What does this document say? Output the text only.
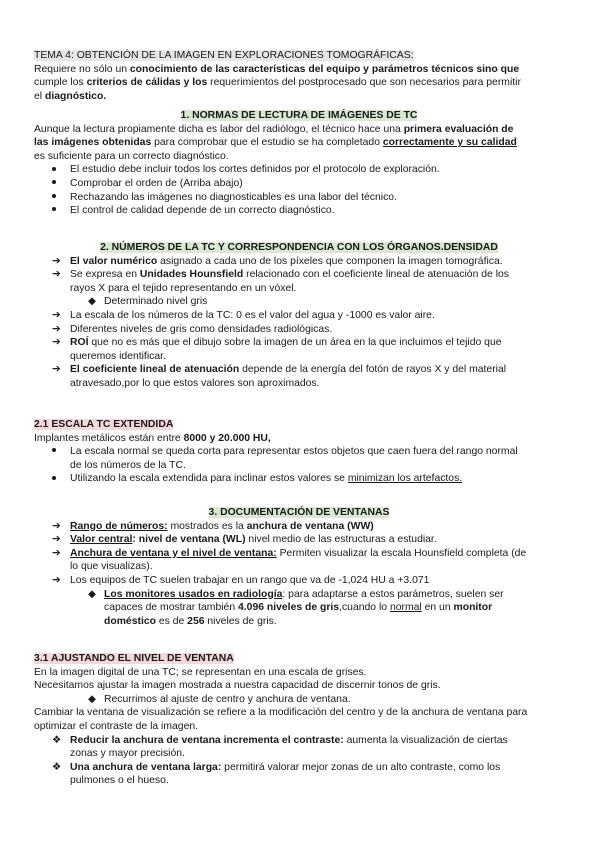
TEMA 4: OBTENCIÓN DE LA IMAGEN EN EXPLORACIONES TOMOGRÁFICAS:

Requiere no sólo un conocimiento de las características del equipo y parámetros técnicos sino que
cumple los criterios de cálidas y los requerimientos del postprocesado que son necesarios para permitir
el diagnóstico.

1. NORMAS DE LECTURA DE IMÁGENES DE TC

Aunque la lectura propiamente dicha es labor del radiólogo, el técnico hace una primera evaluación de
las imágenes obtenidas para comprobar que el estudio se ha completado correctamente y su calidad
es suficiente para un correcto diagnóstico.

El estudio debe incluir todos los cortes definidos por el protocolo de exploración.
Comprobar el orden de (Arriba abajo)
Rechazando las imágenes no diagnosticables es una labor del técnico.
El control de calidad depende de un correcto diagnóstico.

2. NÚMEROS DE LA TC Y CORRESPONDENCIA CON LOS ÓRGANOS.DENSIDAD

➔ El valor numérico asignado a cada uno de los píxeles que componen la imagen tomográfica.
➔ Se expresa en Unidades Hounsfield relacionado con el coeficiente lineal de atenuación de los
rayos X para el tejido representando en un vóxel.
◆ Determinado nivel gris
➔ La escala de los números de la TC: 0 es el valor del agua y -1000 es valor aire.
➔ Diferentes niveles de gris como densidades radiológicas.
➔ ROÍ que no es más que el dibujo sobre la imagen de un área en la que incluimos el tejido que
queremos identificar.
➔ El coeficiente lineal de atenuación depende de la energía del fotón de rayos X y del material
atravesado,por lo que estos valores son aproximados.

2.1 ESCALA TC EXTENDIDA

Implantes metálicos están entre 8000 y 20.000 HU,

La escala normal se queda corta para representar estos objetos que caen fuera del rango normal
de los números de la TC.
Utilizando la escala extendida para inclinar estos valores se minimizan los artefactos.

3. DOCUMENTACIÓN DE VENTANAS

➔ Rango de números: mostrados es la anchura de ventana (WW)
➔ Valor central: nivel de ventana (WL) nivel medio de las estructuras a estudiar.
➔ Anchura de ventana y el nivel de ventana: Permiten visualizar la escala Hounsfield completa (de
lo que visualizas).
➔ Los equipos de TC suelen trabajar en un rango que va de -1,024 HU a +3.071
◆ Los monitores usados en radiología: para adaptarse a estos parámetros, suelen ser
capaces de mostrar también 4.096 niveles de gris,cuando lo normal en un monitor
doméstico es de 256 niveles de gris.

3.1 AJUSTANDO EL NIVEL DE VENTANA

En la imagen digital de una TC; se representan en una escala de grises.

Necesitamos ajustar la imagen mostrada a nuestra capacidad de discernir tonos de gris.

◆ Recurrimos al ajuste de centro y anchura de ventana.

Cambiar la ventana de visualización se refiere a la modificación del centro y de la anchura de ventana para
optimizar el contraste de la imagen.

❖ Reducir la anchura de ventana incrementa el contraste: aumenta la visualización de ciertas
zonas y mayor precisión.
❖ Una anchura de ventana larga: permitirá valorar mejor zonas de un alto contraste, como los
pulmones o el hueso.
